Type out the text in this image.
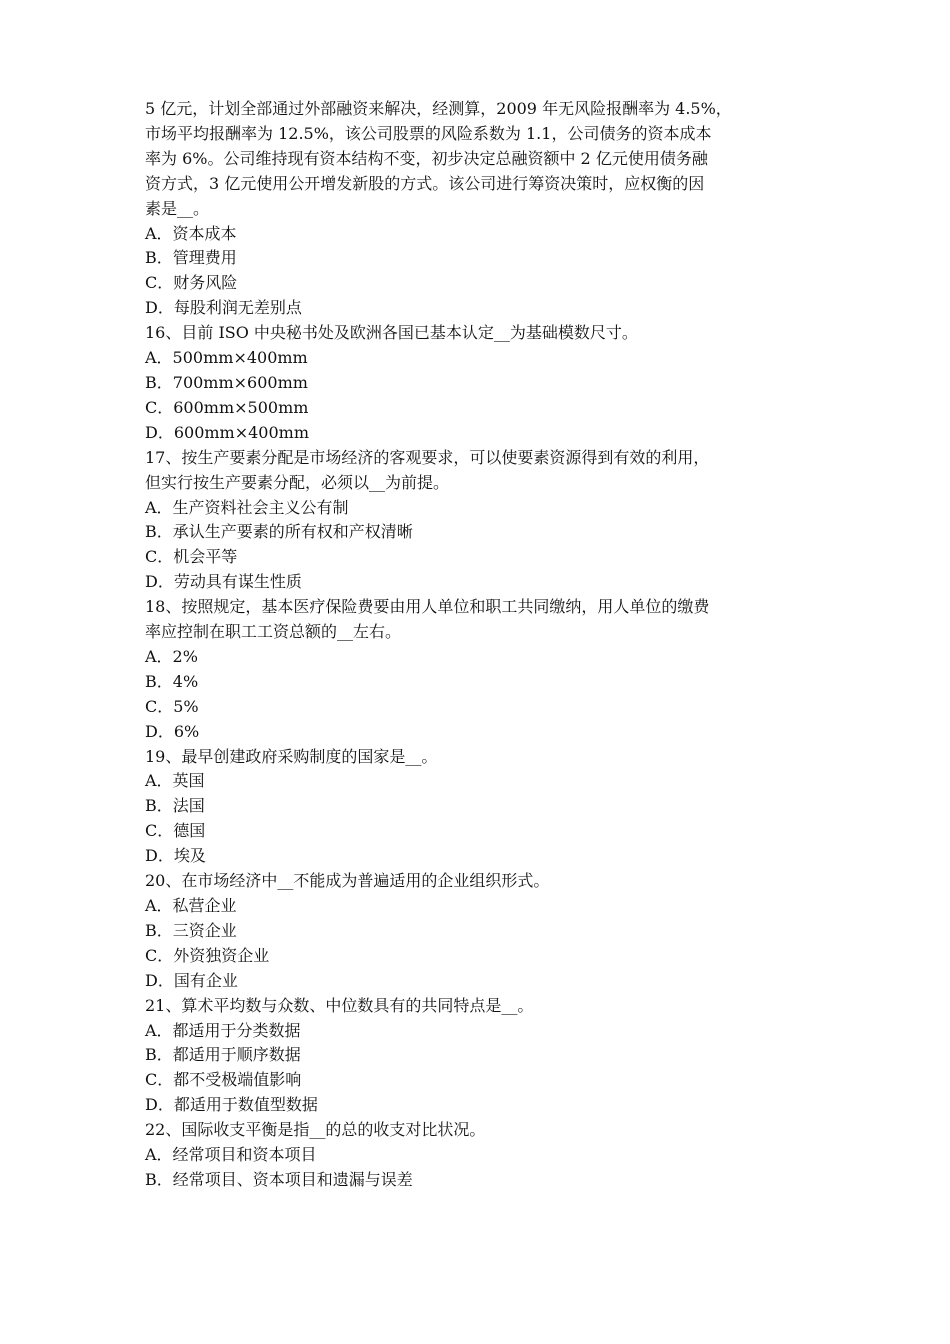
5 亿元，计划全部通过外部融资来解决，经测算，2009 年无风险报酬率为 4.5%，

市场平均报酬率为 12.5%，该公司股票的风险系数为 1.1，公司债务的资本成本

率为 6%。公司维持现有资本结构不变，初步决定总融资额中 2 亿元使用债务融

资方式，3 亿元使用公开增发新股的方式。该公司进行筹资决策时，应权衡的因

素是__。

A．资本成本

B．管理费用

C．财务风险

D．每股利润无差别点

16、目前 ISO 中央秘书处及欧洲各国已基本认定__为基础模数尺寸。

A．500mm×400mm

B．700mm×600mm

C．600mm×500mm

D．600mm×400mm

17、按生产要素分配是市场经济的客观要求，可以使要素资源得到有效的利用，

但实行按生产要素分配，必须以__为前提。

A．生产资料社会主义公有制

B．承认生产要素的所有权和产权清晰

C．机会平等

D．劳动具有谋生性质

18、按照规定，基本医疗保险费要由用人单位和职工共同缴纳，用人单位的缴费

率应控制在职工工资总额的__左右。

A．2%

B．4%

C．5%

D．6%

19、最早创建政府采购制度的国家是__。

A．英国

B．法国

C．德国

D．埃及

20、在市场经济中__不能成为普遍适用的企业组织形式。

A．私营企业

B．三资企业

C．外资独资企业

D．国有企业

21、算术平均数与众数、中位数具有的共同特点是__。

A．都适用于分类数据

B．都适用于顺序数据

C．都不受极端值影响

D．都适用于数值型数据

22、国际收支平衡是指__的总的收支对比状况。

A．经常项目和资本项目

B．经常项目、资本项目和遗漏与误差
